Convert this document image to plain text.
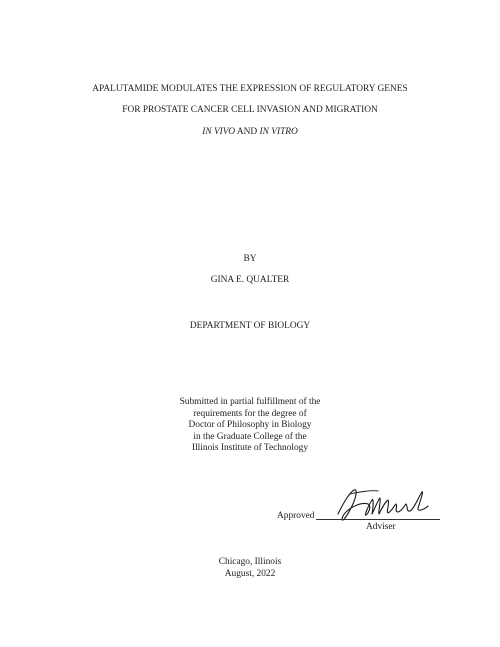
APALUTAMIDE MODULATES THE EXPRESSION OF REGULATORY GENES
FOR PROSTATE CANCER CELL INVASION AND MIGRATION
IN VIVO AND IN VITRO
BY
GINA E. QUALTER
DEPARTMENT OF BIOLOGY
Submitted in partial fulfillment of the
requirements for the degree of
Doctor of Philosophy in Biology
in the Graduate College of the
Illinois Institute of Technology
Approved
Adviser
Chicago, Illinois
August, 2022
